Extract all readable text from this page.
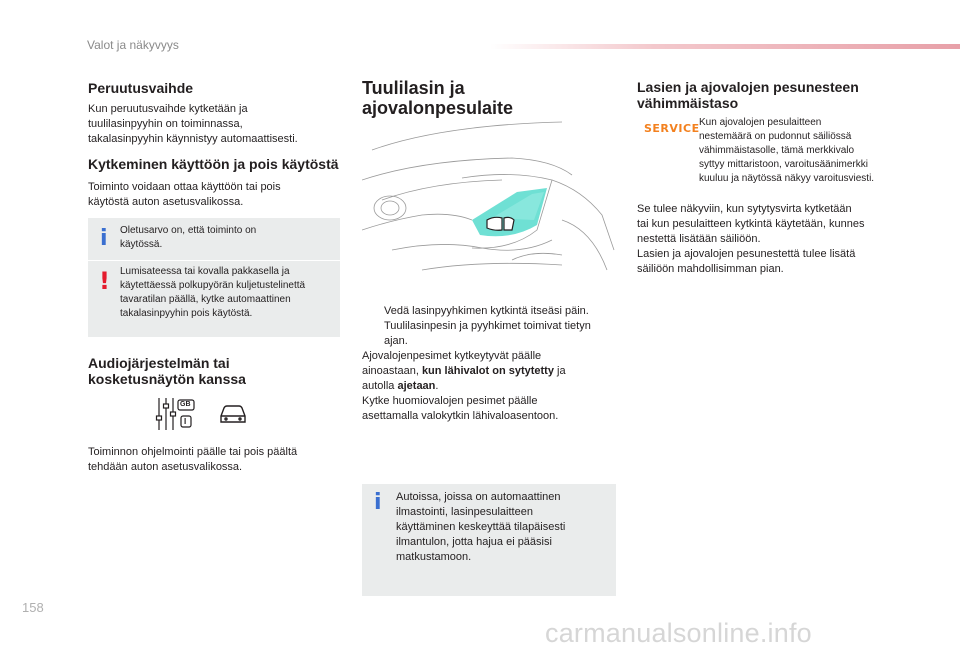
Valot ja näkyvyys
Peruutusvaihde

Kun peruutusvaihde kytketään ja

tuulilasinpyyhin on toiminnassa,

takalasinpyyhin käynnistyy automaattisesti.

Kytkeminen käyttöön ja pois käytöstä

Toiminto voidaan ottaa käyttöön tai pois

käytöstä auton asetusvalikossa.

i Oletusarvo on, että toiminto on

käytössä.

! Lumisateessa tai kovalla pakkasella ja

käytettäessä polkupyörän kuljetustelinettä

tavaratilan päällä, kytke automaattinen

takalasinpyyhin pois käytöstä.

Audiojärjestelmän tai
kosketusnäytön kanssa
GB
I

Toiminnon ohjelmointi päälle tai pois päältä

tehdään auton asetusvalikossa.

Tuulilasin ja
ajovalonpesulaite

Vedä lasinpyyhkimen kytkintä itseäsi päin.

Tuulilasinpesin ja pyyhkimet toimivat tietyn

ajan.

Ajovalojenpesimet kytkeytyvät päälle

ainoastaan, kun lähivalot on sytytetty ja

autolla ajetaan.

Kytke huomiovalojen pesimet päälle

asettamalla valokytkin lähivaloasentoon.

i Autoissa, joissa on automaattinen

ilmastointi, lasinpesulaitteen

käyttäminen keskeyttää tilapäisesti

ilmantulon, jotta hajua ei pääsisi

matkustamoon.

Lasien ja ajovalojen pesunesteen
vähimmäistaso
SERVICE Kun ajovalojen pesulaitteen

nestemäärä on pudonnut säiliössä

vähimmäistasolle, tämä merkkivalo

syttyy mittaristoon, varoitusäänimerkki

kuuluu ja näytössä näkyy varoitusviesti.

Se tulee näkyviin, kun sytytysvirta kytketään

tai kun pesulaitteen kytkintä käytetään, kunnes

nestettä lisätään säiliöön.

Lasien ja ajovalojen pesunestettä tulee lisätä

säiliöön mahdollisimman pian.

158
carmanualsonline.info
